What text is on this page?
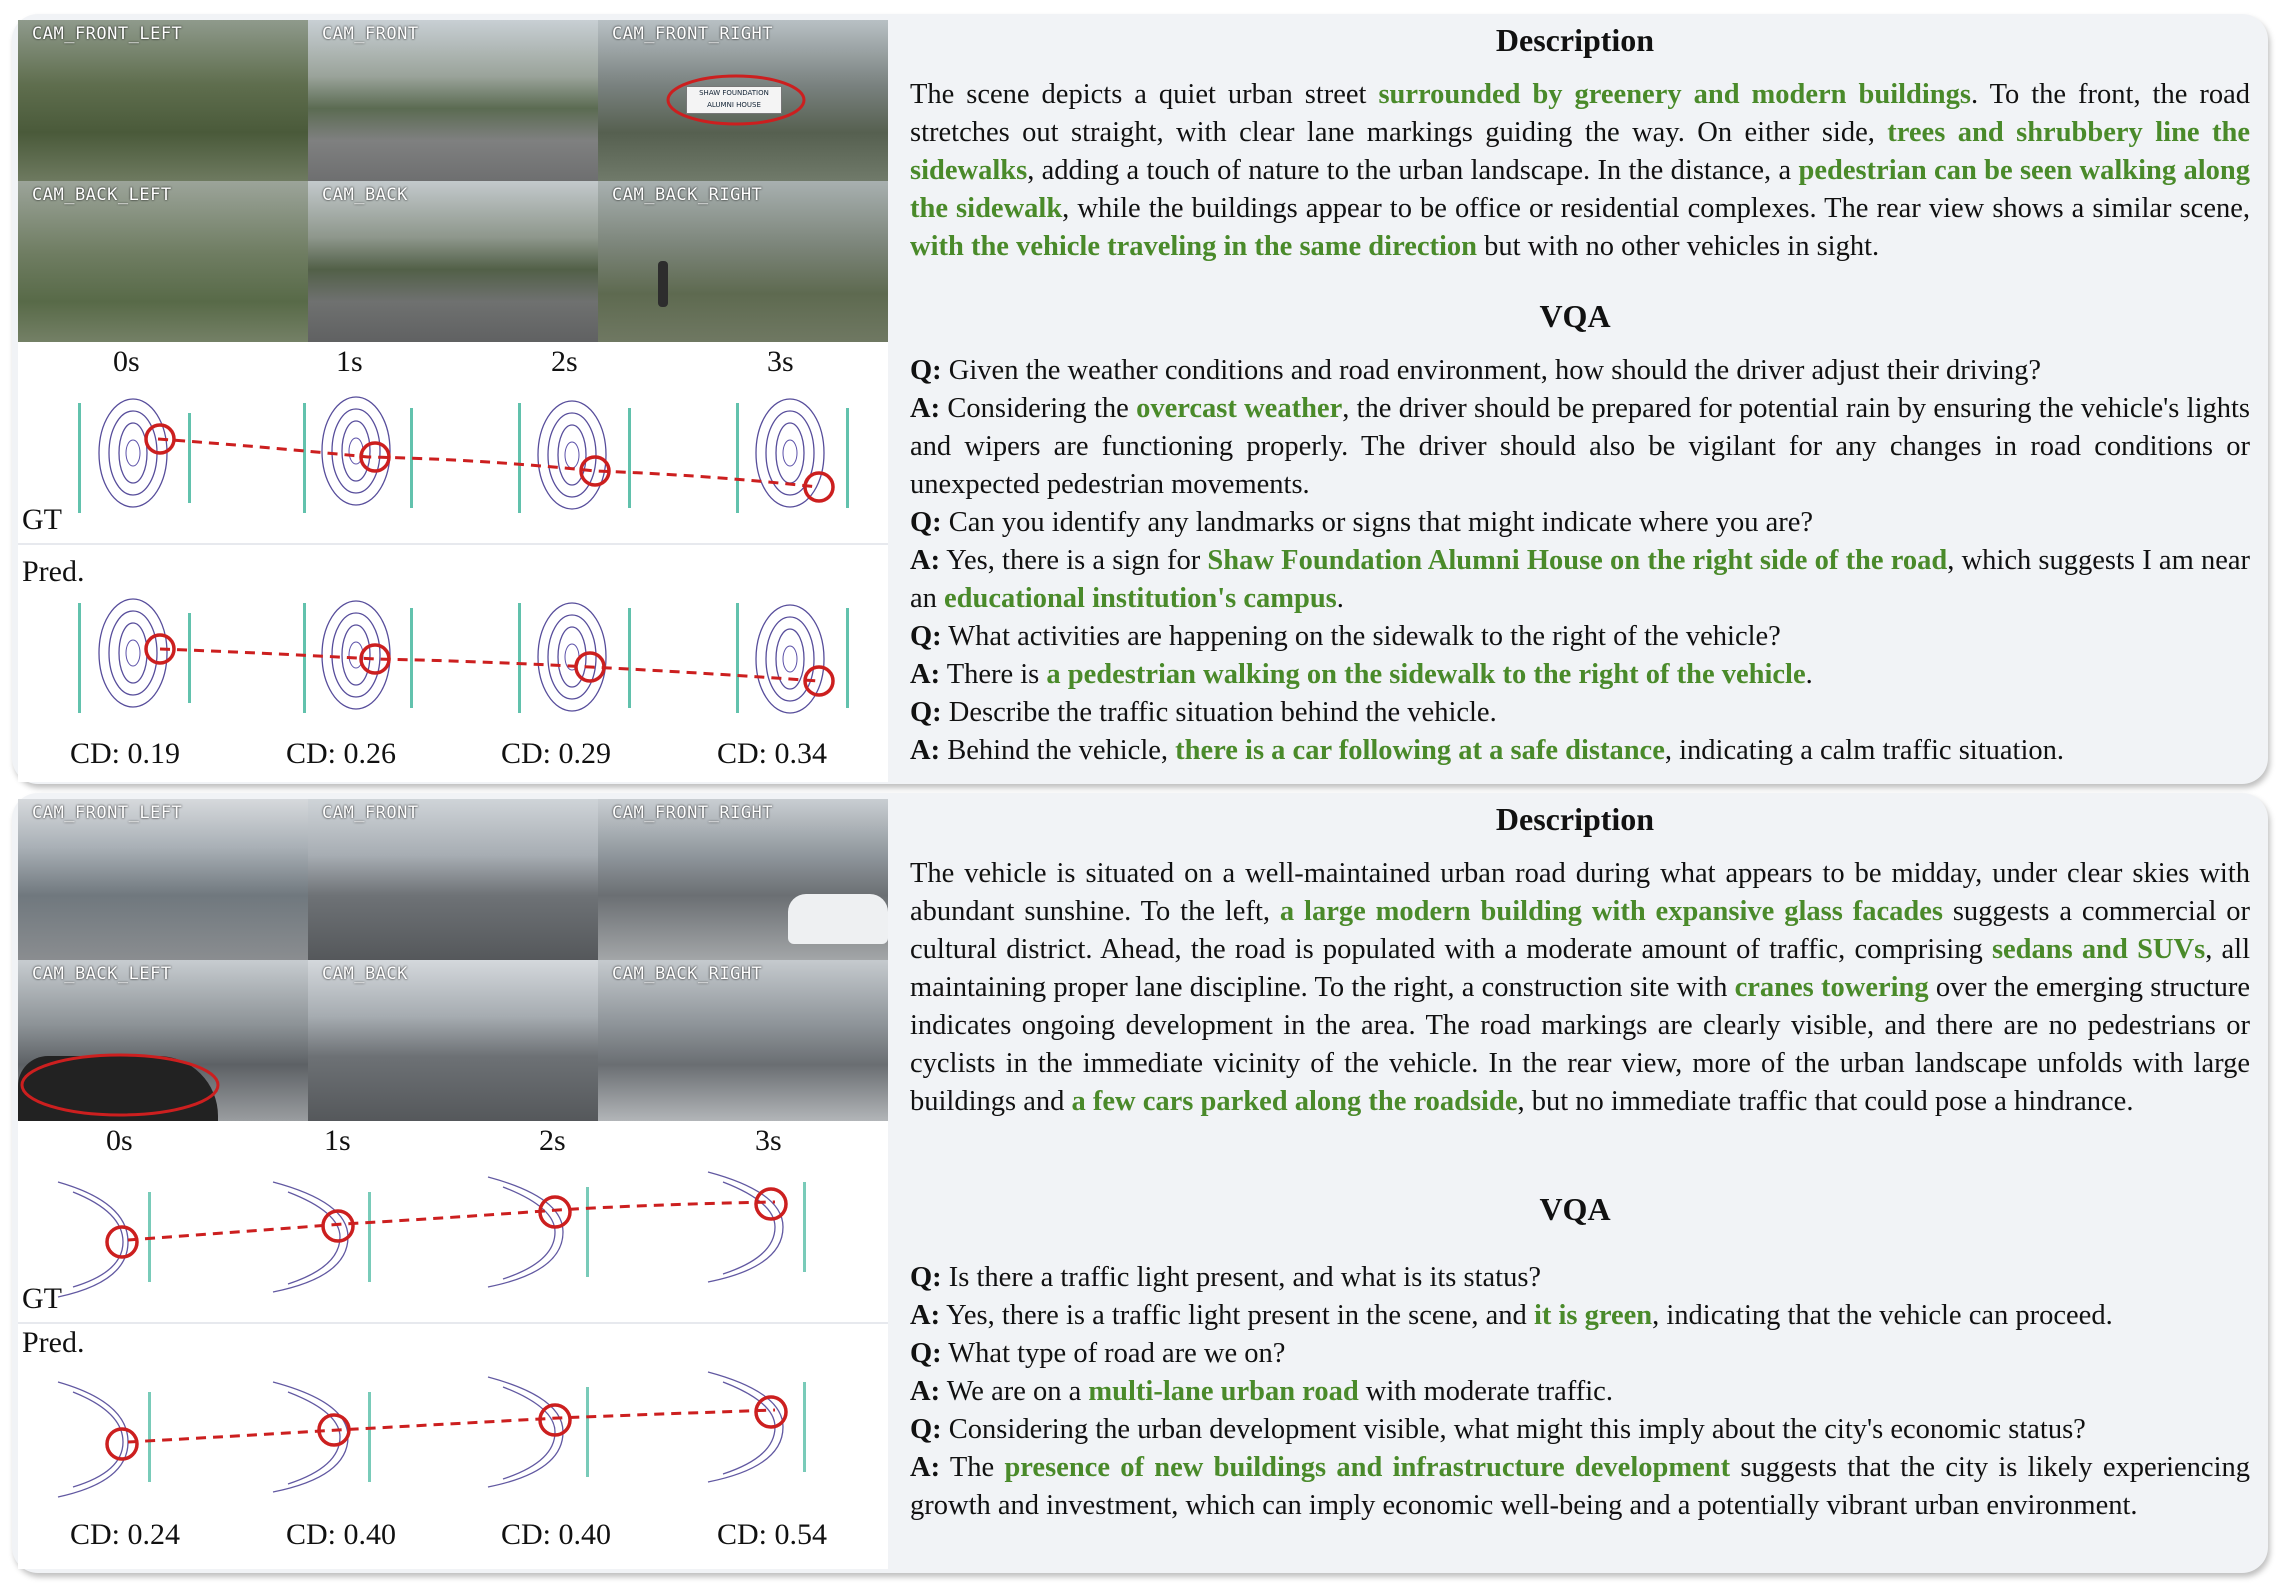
CAM_FRONT_LEFT	CAM_FRONT	CAM_FRONT_RIGHT
SHAW FOUNDATION
ALUMNI HOUSE
CAM_BACK_LEFT	CAM_BACK	CAM_BACK_RIGHT
0s	1s	2s	3s
GT
Pred.
CD: 0.19	CD: 0.26	CD: 0.29	CD: 0.34
Description
The scene depicts a quiet urban street surrounded by greenery and modern buildings. To the front, the road stretches out straight, with clear lane markings guiding the way. On either side, trees and shrubbery line the sidewalks, adding a touch of nature to the urban landscape. In the distance, a pedestrian can be seen walking along the sidewalk, while the buildings appear to be office or residential complexes. The rear view shows a similar scene, with the vehicle traveling in the same direction but with no other vehicles in sight.
VQA
Q: Given the weather conditions and road environment, how should the driver adjust their driving?
A: Considering the overcast weather, the driver should be prepared for potential rain by ensuring the vehicle's lights and wipers are functioning properly. The driver should also be vigilant for any changes in road conditions or unexpected pedestrian movements.
Q: Can you identify any landmarks or signs that might indicate where you are?
A: Yes, there is a sign for Shaw Foundation Alumni House on the right side of the road, which suggests I am near an educational institution's campus.
Q: What activities are happening on the sidewalk to the right of the vehicle?
A: There is a pedestrian walking on the sidewalk to the right of the vehicle.
Q: Describe the traffic situation behind the vehicle.
A: Behind the vehicle, there is a car following at a safe distance, indicating a calm traffic situation.
CAM_FRONT_LEFT	CAM_FRONT	CAM_FRONT_RIGHT
CAM_BACK_LEFT	CAM_BACK	CAM_BACK_RIGHT
0s	1s	2s	3s
GT
Pred.
CD: 0.24	CD: 0.40	CD: 0.40	CD: 0.54
Description
The vehicle is situated on a well-maintained urban road during what appears to be midday, under clear skies with abundant sunshine. To the left, a large modern building with expansive glass facades suggests a commercial or cultural district. Ahead, the road is populated with a moderate amount of traffic, comprising sedans and SUVs, all maintaining proper lane discipline. To the right, a construction site with cranes towering over the emerging structure indicates ongoing development in the area. The road markings are clearly visible, and there are no pedestrians or cyclists in the immediate vicinity of the vehicle. In the rear view, more of the urban landscape unfolds with large buildings and a few cars parked along the roadside, but no immediate traffic that could pose a hindrance.
VQA
Q: Is there a traffic light present, and what is its status?
A: Yes, there is a traffic light present in the scene, and it is green, indicating that the vehicle can proceed.
Q: What type of road are we on?
A: We are on a multi-lane urban road with moderate traffic.
Q: Considering the urban development visible, what might this imply about the city's economic status?
A: The presence of new buildings and infrastructure development suggests that the city is likely experiencing growth and investment, which can imply economic well-being and a potentially vibrant urban environment.
